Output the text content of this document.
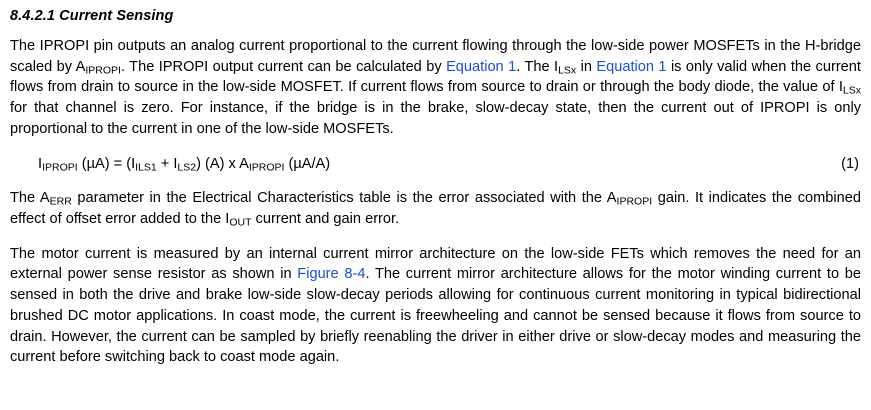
8.4.2.1 Current Sensing

The IPROPI pin outputs an analog current proportional to the current flowing through the low-side power MOSFETs in the H-bridge scaled by $A_{IPROPI}$. The IPROPI output current can be calculated by Equation 1. The $I_{LSx}$ in Equation 1 is only valid when the current flows from drain to source in the low-side MOSFET. If current flows from source to drain or through the body diode, the value of $I_{LSx}$ for that channel is zero. For instance, if the bridge is in the brake, slow-decay state, then the current out of IPROPI is only proportional to the current in one of the low-side MOSFETs.

$I_{IPROPI}$ $(\mu A) = (I_{ILS1} + I_{LS2})$ (A) x $A_{IPROPI}$ (µA/A)	(1)

The $A_{ERR}$ parameter in the Electrical Characteristics table is the error associated with the $A_{IPROPI}$ gain. It indicates the combined effect of offset error added to the $I_{OUT}$ current and gain error.

The motor current is measured by an internal current mirror architecture on the low-side FETs which removes the need for an external power sense resistor as shown in Figure 8-4. The current mirror architecture allows for the motor winding current to be sensed in both the drive and brake low-side slow-decay periods allowing for continuous current monitoring in typical bidirectional brushed DC motor applications. In coast mode, the current is freewheeling and cannot be sensed because it flows from source to drain. However, the current can be sampled by briefly reenabling the driver in either drive or slow-decay modes and measuring the current before switching back to coast mode again.
